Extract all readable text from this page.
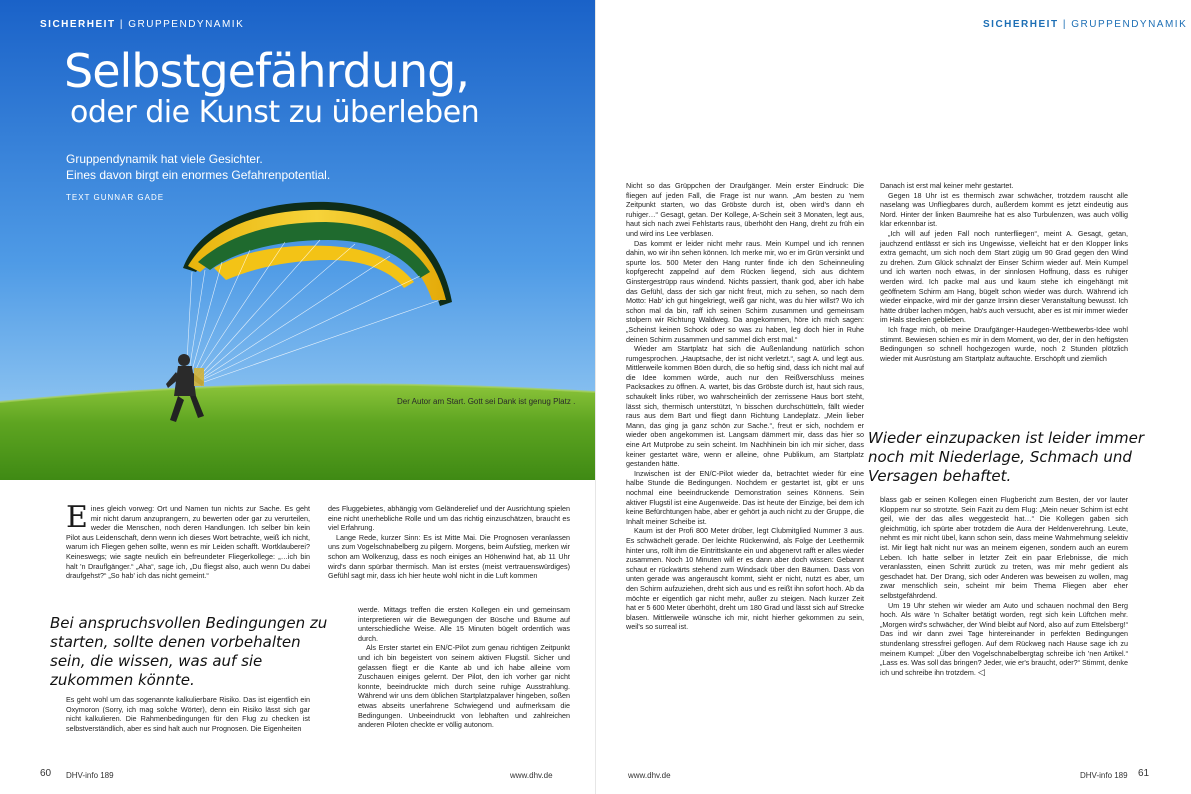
SICHERHEIT | GRUPPENDYNAMIK
Selbstgefährdung,
oder die Kunst zu überleben
Gruppendynamik hat viele Gesichter.
Eines davon birgt ein enormes Gefahrenpotential.
TEXT GUNNAR GADE
Der Autor am Start. Gott sei Dank ist genug Platz .

Eines gleich vorweg: Ort und Namen tun nichts zur Sache. Es geht mir nicht darum anzuprangern, zu bewerten oder gar zu verurteilen, weder die Menschen, noch deren Handlungen. Ich selber bin kein Pilot aus Leidenschaft, denn wenn ich dieses Wort betrachte, weiß ich nicht, warum ich Fliegen gehen sollte, wenn es mir Leiden schafft. Wortklauberei? Keineswegs; wie sagte neulich ein befreundeter Fliegerkollege: „…ich bin halt 'n Drauflgänger.“ „Aha“, sage ich, „Du fliegst also, auch wenn Du dabei draufgehst?“ „So hab' ich das nicht gemeint.“

Bei anspruchsvollen Bedingungen zu starten, sollte denen vorbehalten sein, die wissen, was auf sie zukommen könnte.

Es geht wohl um das sogenannte kalkulierbare Risiko. Das ist eigentlich ein Oxymoron (Sorry, ich mag solche Wörter), denn ein Risiko lässt sich gar nicht kalkulieren. Die Rahmenbedingungen für den Flug zu checken ist selbstverständlich, aber es sind halt auch nur Prognosen. Die Eigenheiten

des Fluggebietes, abhängig vom Geländerelief und der Ausrichtung spielen eine nicht unerhebliche Rolle und um das richtig einzuschätzen, braucht es viel Erfahrung.

Lange Rede, kurzer Sinn: Es ist Mitte Mai. Die Prognosen veranlassen uns zum Vogelschnabelberg zu pilgern. Morgens, beim Aufstieg, merken wir schon am Wolkenzug, dass es noch einiges an Höhenwind hat, ab 11 Uhr wird's dann spürbar thermisch. Man ist erstes (meist vertrauenswürdiges) Gefühl sagt mir, dass ich hier heute wohl nicht in die Luft kommen

werde. Mittags treffen die ersten Kollegen ein und gemeinsam interpretieren wir die Bewegungen der Büsche und Bäume auf unterschiedliche Weise. Alle 15 Minuten bügelt ordentlich was durch.

Als Erster startet ein EN/C-Pilot zum genau richtigen Zeitpunkt und ich bin begeistert von seinem aktiven Flugstil. Sicher und gelassen fliegt er die Kante ab und ich habe alleine vom Zuschauen einiges gelernt. Der Pilot, den ich vorher gar nicht konnte, beeindruckte mich durch seine ruhige Ausstrahlung. Während wir uns dem üblichen Startplatzpalaver hingeben, soßen etwas abseits unerfahrene Schwiegend und aufmerksam die Bedingungen. Unbeeindruckt von lebhaften und zahlreichen anderen Piloten checkte er völlig autonom.

60 DHV-info 189	www.dhv.de
SICHERHEIT | GRUPPENDYNAMIK

Nicht so das Grüppchen der Draufgänger. Mein erster Eindruck: Die fliegen auf jeden Fall, die Frage ist nur wann. „Am besten zu 'nem Zeitpunkt starten, wo das Gröbste durch ist, oben wird's dann eh ruhiger…“ Gesagt, getan. Der Kollege, A-Schein seit 3 Monaten, legt aus, haut sich nach zwei Fehlstarts raus, überhöht den Hang, dreht zu früh ein und wird ins Lee verblasen.

Das kommt er leider nicht mehr raus. Mein Kumpel und ich rennen dahin, wo wir ihn sehen können. Ich merke mir, wo er im Grün versinkt und spurte los. 500 Meter den Hang runter finde ich den Scheinneuling kopfgerecht zappelnd auf dem Rücken liegend, sich aus dichtem Ginstergestrüpp raus windend. Nichts passiert, thank god, aber ich habe das Gefühl, dass der sich gar nicht freut, mich zu sehen, so nach dem Motto: Hab' ich gut hingekriegt, weiß gar nicht, was du hier willst? Wo ich schon mal da bin, raff ich seinen Schirm zusammen und gemeinsam stolpern wir Richtung Waldweg. Da angekommen, höre ich mich sagen: „Scheinst keinen Schock oder so was zu haben, leg doch hier in Ruhe deinen Schirm zusammen und sammel dich erst mal.“

Wieder am Startplatz hat sich die Außenlandung natürlich schon rumgesprochen. „Hauptsache, der ist nicht verletzt.“, sagt A. und legt aus. Mittlerweile kommen Böen durch, die so heftig sind, dass ich nicht mal auf die Idee kommen würde, auch nur den Reißverschluss meines Packsackes zu öffnen. A. wartet, bis das Gröbste durch ist, haut sich raus, schaukelt links rüber, wo wahrscheinlich der zerrissene Haus bort steht, lässt sich, thermisch unterstützt, 'n bisschen durchschütteln, fällt wieder raus aus dem Bart und fliegt dann Richtung Landeplatz. „Mein lieber Mann, das ging ja ganz schön zur Sache.“, freut er sich, nochdem er wieder oben angekommen ist. Langsam dämmert mir, dass das hier so eine Art Mutprobe zu sein scheint. Im Nachhinein bin ich mir sicher, dass keiner gestartet wäre, wenn er alleine, ohne Publikum, am Startplatz gestanden hätte.

Inzwischen ist der EN/C-Pilot wieder da, betrachtet wieder für eine halbe Stunde die Bedingungen. Nochdem er gestartet ist, gibt er uns nochmal eine beeindruckende Demonstration seines Könnens. Sein aktiver Flugstil ist eine Augenweide. Das ist heute der Einzige, bei dem ich keine Befürchtungen habe, aber er gehört ja auch nicht zu der Gruppe, die Inhalt meiner Scheibe ist.

Kaum ist der Profi 800 Meter drüber, legt Clubmitglied Nummer 3 aus. Es schwächelt gerade. Der leichte Rückenwind, als Folge der Leethermik hinter uns, rollt ihm die Eintrittskante ein und abgenervt rafft er alles wieder zusammen. Noch 10 Minuten will er es dann aber doch wissen: Gebannt schaut er rückwärts stehend zum Windsack über den Bäumen. Dass von unten gerade was angerauscht kommt, sieht er nicht, nutzt es aber, um den Schirm aufzuziehen, dreht sich aus und es reißt ihn sofort hoch. Ab da möchte er eigentlich gar nicht mehr, außer zu steigen. Nach kurzer Zeit hat er 5 600 Meter überhöht, dreht um 180 Grad und lässt sich auf Strecke blasen. Mittlerweile wünsche ich mir, nicht hierher gekommen zu sein, weil's so surreal ist.

Danach ist erst mal keiner mehr gestartet.

Gegen 18 Uhr ist es thermisch zwar schwächer, trotzdem rauscht alle naselang was Unfliegbares durch, außerdem kommt es jetzt eindeutig aus Nord. Hinter der linken Baumreihe hat es also Turbulenzen, was auch völlig klar erkennbar ist.

„Ich will auf jeden Fall noch runterfliegen“, meint A. Gesagt, getan, jauchzend entlässt er sich ins Ungewisse, vielleicht hat er den Klopper links extra gemacht, um sich noch dem Start zügig um 90 Grad gegen den Wind zu drehen. Zum Glück schnalzt der Einser Schirm wieder auf. Mein Kumpel und ich warten noch etwas, in der sinnlosen Hoffnung, dass es ruhiger werden wird. Ich packe mal aus und kaum stehe ich eingehängt mit geöffnetem Schirm am Hang, bügelt schon wieder was durch. Während ich wieder einpacke, wird mir der ganze Irrsinn dieser Veranstaltung bewusst. Ich hätte drüber lachen mögen, hab's auch versucht, aber es ist mir immer wieder im Hals stecken geblieben.

Ich frage mich, ob meine Draufgänger-Haudegen-Wettbewerbs-Idee wohl stimmt. Bewiesen schien es mir in dem Moment, wo der, der in den heftigsten Bedingungen so schnell hochgezogen wurde, noch 2 Stunden plötzlich wieder mit Ausrüstung am Startplatz auftauchte. Erschöpft und ziemlich

Wieder einzupacken ist leider immer noch mit Niederlage, Schmach und Versagen behaftet.

blass gab er seinen Kollegen einen Flugbericht zum Besten, der vor lauter Kloppern nur so strotzte. Sein Fazit zu dem Flug: „Mein neuer Schirm ist echt geil, wie der das alles weggesteckt hat…“ Die Kollegen gaben sich gleichmütig, ich spürte aber trotzdem die Aura der Heldenverehrung. Leute, nehmt es mir nicht übel, kann schon sein, dass meine Wahrnehmung selektiv ist. Mir liegt halt nicht nur was an meinem eigenen, sondern auch an eurem Leben. Ich hatte selber in letzter Zeit ein paar Erlebnisse, die mich veranlassten, einen Schritt zurück zu treten, was mir mehr gedient als geschadet hat. Der Drang, sich oder Anderen was beweisen zu wollen, mag zwar menschlich sein, scheint mir beim Thema Fliegen aber eher selbstgefährdend.

Um 19 Uhr stehen wir wieder am Auto und schauen nochmal den Berg hoch. Als wäre 'n Schalter betätigt worden, regt sich kein Lüftchen mehr. „Morgen wird's schwächer, der Wind bleibt auf Nord, also auf zum Ettelsberg!“ Das ind wir dann zwei Tage hintereinander in perfekten Bedingungen stundenlang stressfrei geflogen. Auf dem Rückweg nach Hause sage ich zu meinem Kumpel: „Über den Vogelschnabelbergtag schreibe ich 'nen Artikel.“ „Lass es. Was soll das bringen? Jeder, wie er's braucht, oder?“ Stimmt, denke ich und schreibe ihn trotzdem. ◁

www.dhv.de	DHV-info 189 61
